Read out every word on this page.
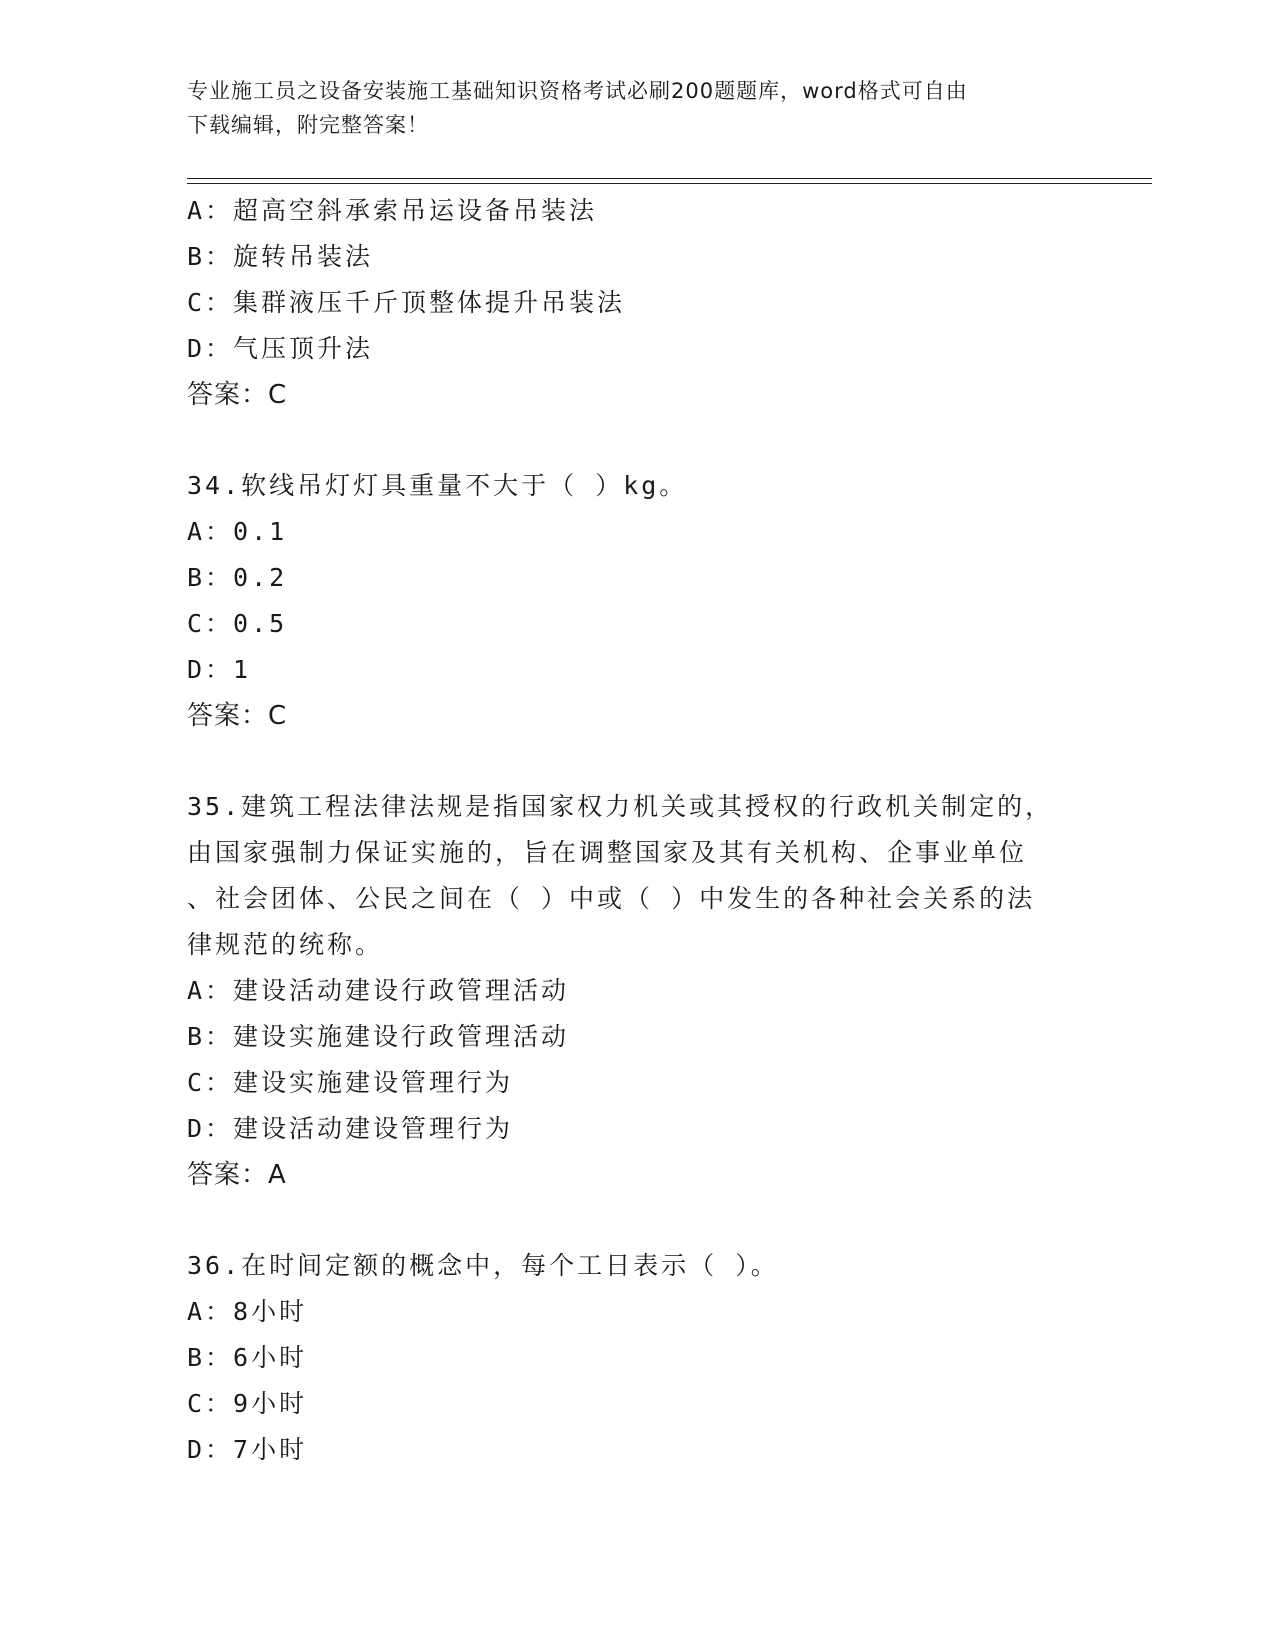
专业施工员之设备安装施工基础知识资格考试必刷200题题库，word格式可自由
下载编辑，附完整答案！
A：超高空斜承索吊运设备吊装法
B：旋转吊装法
C：集群液压千斤顶整体提升吊装法
D：气压顶升法
答案：C
34.软线吊灯灯具重量不大于（ ）kg。
A：0.1
B：0.2
C：0.5
D：1
答案：C
35.建筑工程法律法规是指国家权力机关或其授权的行政机关制定的，
由国家强制力保证实施的，旨在调整国家及其有关机构、企事业单位
、社会团体、公民之间在（ ）中或（ ）中发生的各种社会关系的法
律规范的统称。
A：建设活动建设行政管理活动
B：建设实施建设行政管理活动
C：建设实施建设管理行为
D：建设活动建设管理行为
答案：A
36.在时间定额的概念中，每个工日表示（ ）。
A：8小时
B：6小时
C：9小时
D：7小时
